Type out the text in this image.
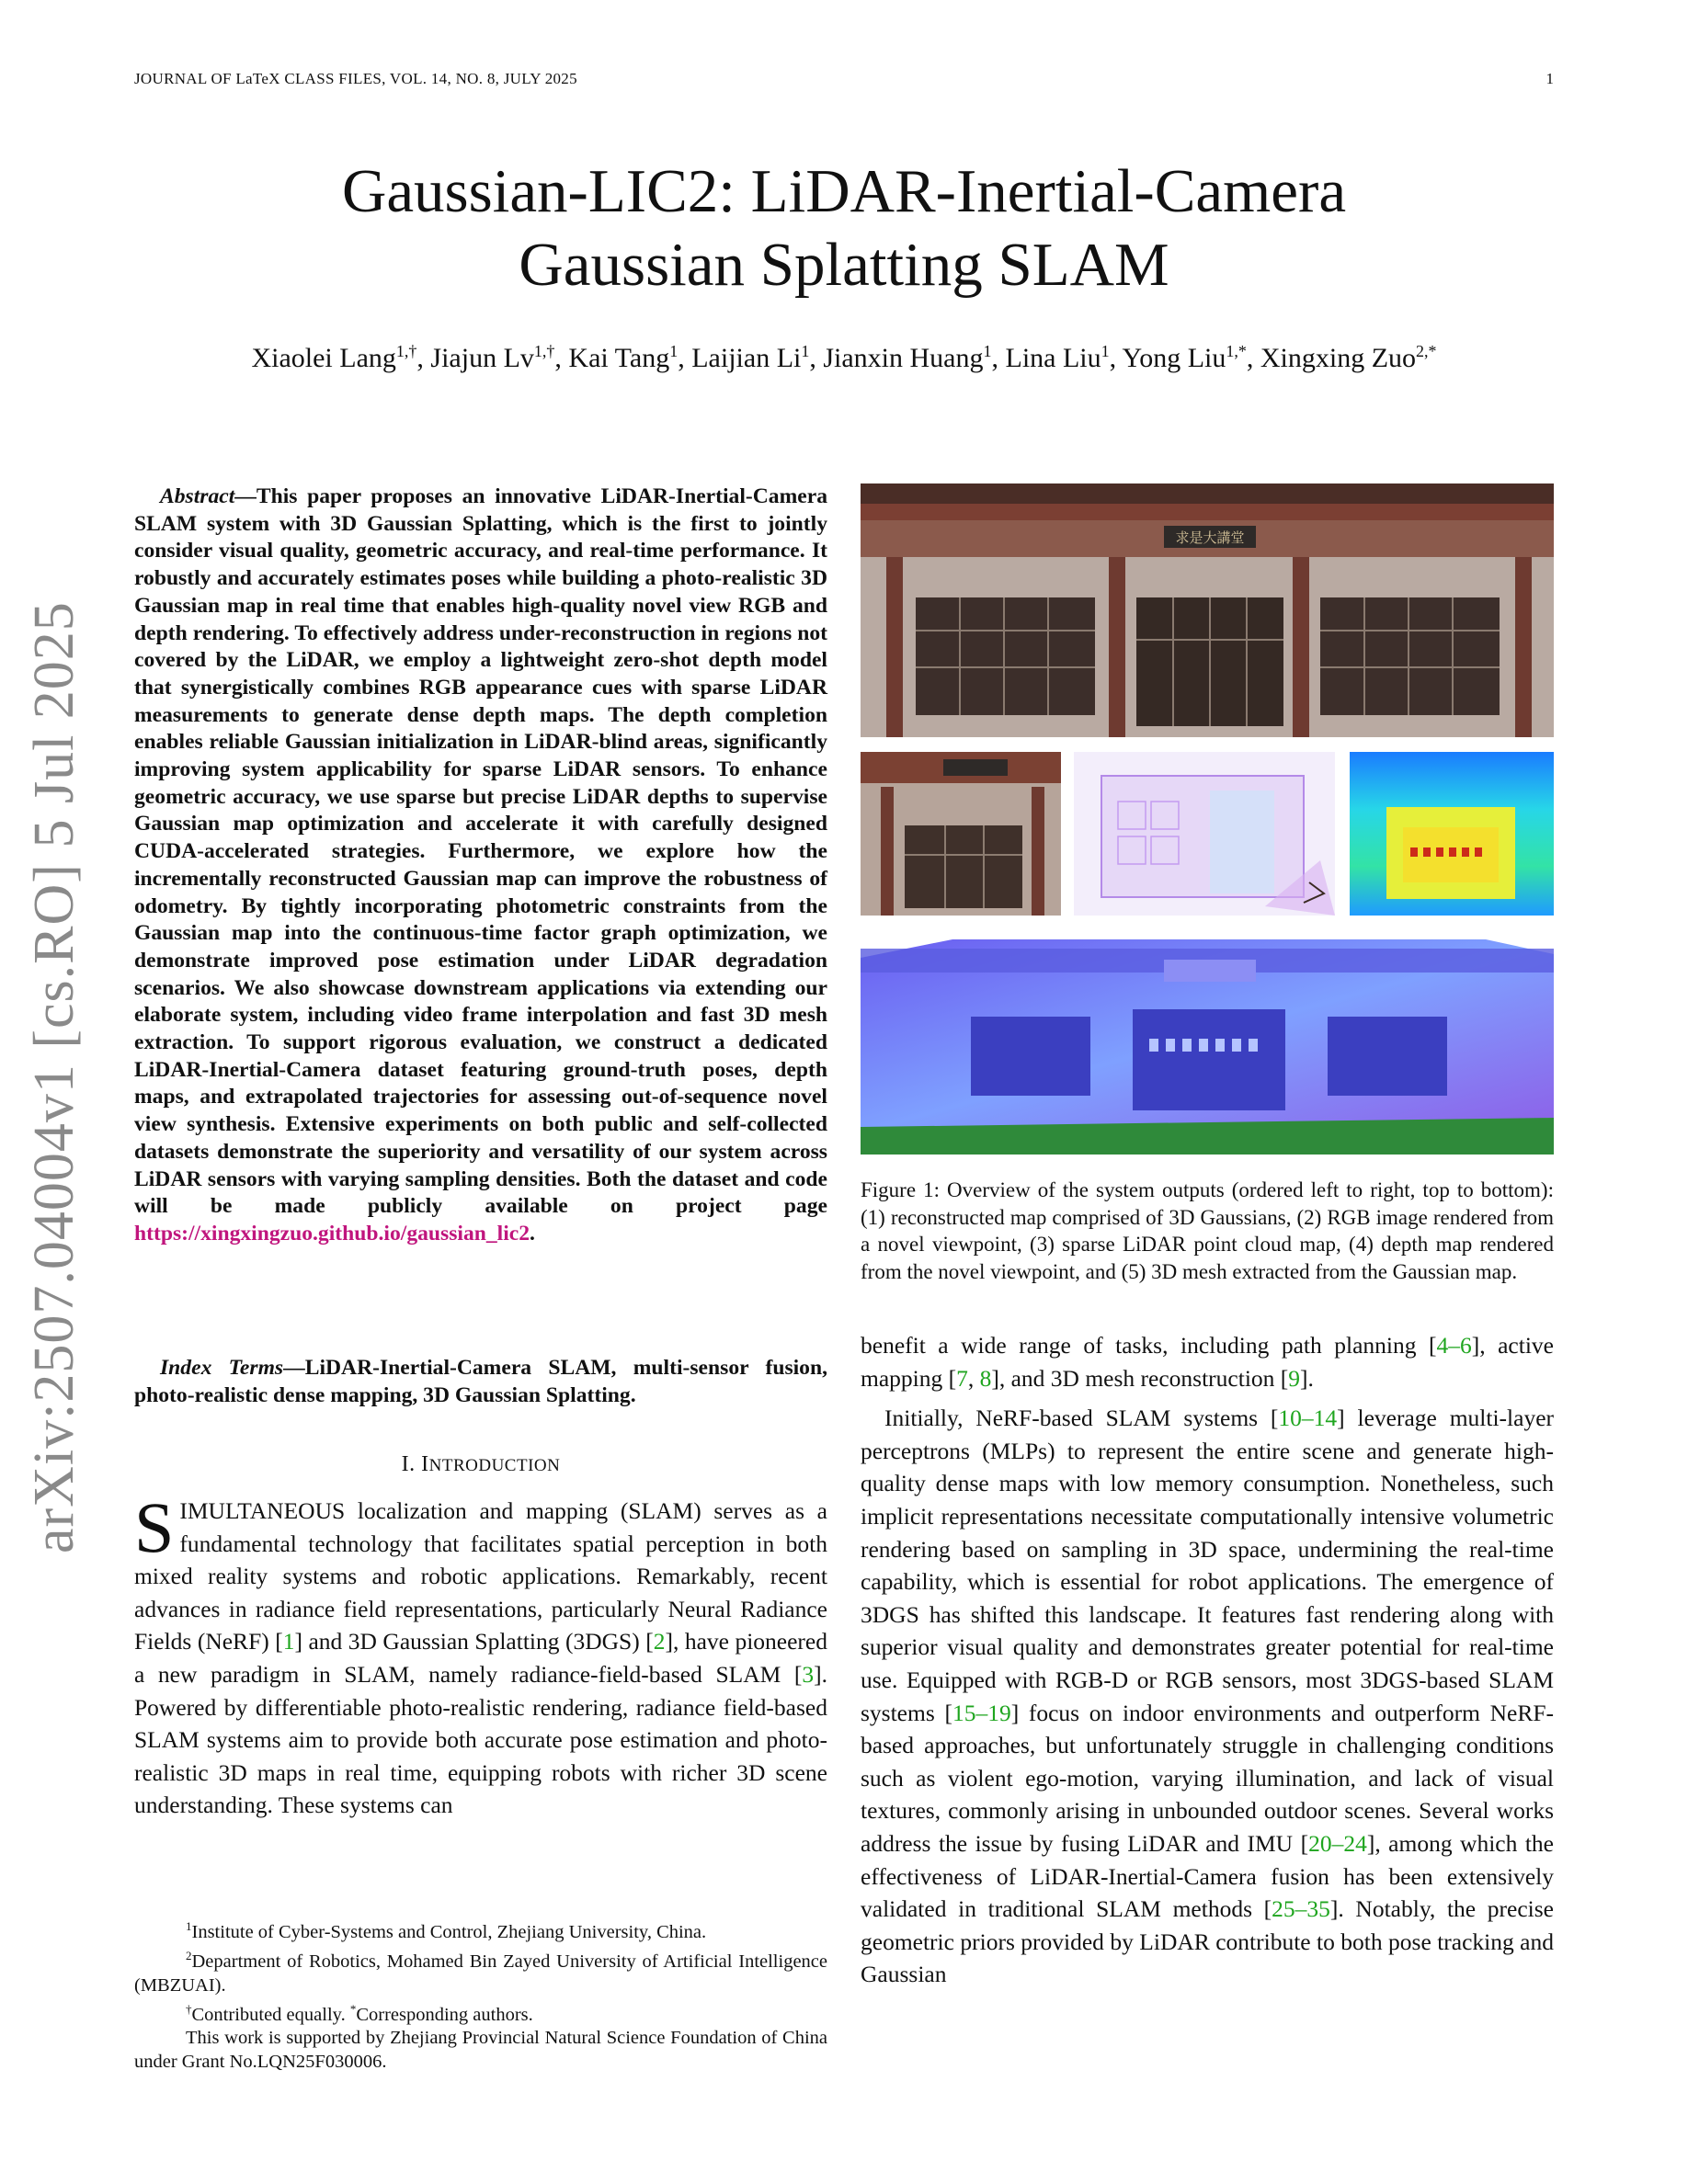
JOURNAL OF LaTeX CLASS FILES, VOL. 14, NO. 8, JULY 2025	1
arXiv:2507.04004v1 [cs.RO] 5 Jul 2025
Gaussian-LIC2: LiDAR-Inertial-Camera
Gaussian Splatting SLAM
Xiaolei Lang$^{1,\dagger}$, Jiajun $Lv^{1,\dagger}$, Kai Tang$^1$, Laijian Li$^1$, Jianxin Huang$^1$, Lina Liu$^1$, Yong Liu$^{1,*}$, Xingxing Zuo$^{2,*}$
Abstract—This paper proposes an innovative LiDAR-Inertial-Camera SLAM system with 3D Gaussian Splatting, which is the first to jointly consider visual quality, geometric accuracy, and real-time performance. It robustly and accurately estimates poses while building a photo-realistic 3D Gaussian map in real time that enables high-quality novel view RGB and depth rendering. To effectively address under-reconstruction in regions not covered by the LiDAR, we employ a lightweight zero-shot depth model that synergistically combines RGB appearance cues with sparse LiDAR measurements to generate dense depth maps. The depth completion enables reliable Gaussian initialization in LiDAR-blind areas, significantly improving system applicability for sparse LiDAR sensors. To enhance geometric accuracy, we use sparse but precise LiDAR depths to supervise Gaussian map optimization and accelerate it with carefully designed CUDA-accelerated strategies. Furthermore, we explore how the incrementally reconstructed Gaussian map can improve the robustness of odometry. By tightly incorporating photometric constraints from the Gaussian map into the continuous-time factor graph optimization, we demonstrate improved pose estimation under LiDAR degradation scenarios. We also showcase downstream applications via extending our elaborate system, including video frame interpolation and fast 3D mesh extraction. To support rigorous evaluation, we construct a dedicated LiDAR-Inertial-Camera dataset featuring ground-truth poses, depth maps, and extrapolated trajectories for assessing out-of-sequence novel view synthesis. Extensive experiments on both public and self-collected datasets demonstrate the superiority and versatility of our system across LiDAR sensors with varying sampling densities. Both the dataset and code will be made publicly available on project page https://xingxingzuo.github.io/gaussian_lic2.
Index Terms—LiDAR-Inertial-Camera SLAM, multi-sensor fusion, photo-realistic dense mapping, 3D Gaussian Splatting.
I. INTRODUCTION
SIMULTANEOUS localization and mapping (SLAM) serves as a fundamental technology that facilitates spatial perception in both mixed reality systems and robotic applications. Remarkably, recent advances in radiance field representations, particularly Neural Radiance Fields (NeRF) [1] and 3D Gaussian Splatting (3DGS) [2], have pioneered a new paradigm in SLAM, namely radiance-field-based SLAM [3]. Powered by differentiable photo-realistic rendering, radiance field-based SLAM systems aim to provide both accurate pose estimation and photo-realistic 3D maps in real time, equipping robots with richer 3D scene understanding. These systems can

$^1$Institute of Cyber-Systems and Control, Zhejiang University, China.

$^2$Department of Robotics, Mohamed Bin Zayed University of Artificial Intelligence (MBZUAI).

†Contributed equally. *Corresponding authors.

This work is supported by Zhejiang Provincial Natural Science Foundation of China under Grant No.LQN25F030006.

求是大講堂
Figure 1: Overview of the system outputs (ordered left to right, top to bottom): (1) reconstructed map comprised of 3D Gaussians, (2) RGB image rendered from a novel viewpoint, (3) sparse LiDAR point cloud map, (4) depth map rendered from the novel viewpoint, and (5) 3D mesh extracted from the Gaussian map.

benefit a wide range of tasks, including path planning [4–6], active mapping [7, 8], and 3D mesh reconstruction [9].

Initially, NeRF-based SLAM systems [10–14] leverage multi-layer perceptrons (MLPs) to represent the entire scene and generate high-quality dense maps with low memory consumption. Nonetheless, such implicit representations necessitate computationally intensive volumetric rendering based on sampling in 3D space, undermining the real-time capability, which is essential for robot applications. The emergence of 3DGS has shifted this landscape. It features fast rendering along with superior visual quality and demonstrates greater potential for real-time use. Equipped with RGB-D or RGB sensors, most 3DGS-based SLAM systems [15–19] focus on indoor environments and outperform NeRF-based approaches, but unfortunately struggle in challenging conditions such as violent ego-motion, varying illumination, and lack of visual textures, commonly arising in unbounded outdoor scenes. Several works address the issue by fusing LiDAR and IMU [20–24], among which the effectiveness of LiDAR-Inertial-Camera fusion has been extensively validated in traditional SLAM methods [25–35]. Notably, the precise geometric priors provided by LiDAR contribute to both pose tracking and Gaussian
